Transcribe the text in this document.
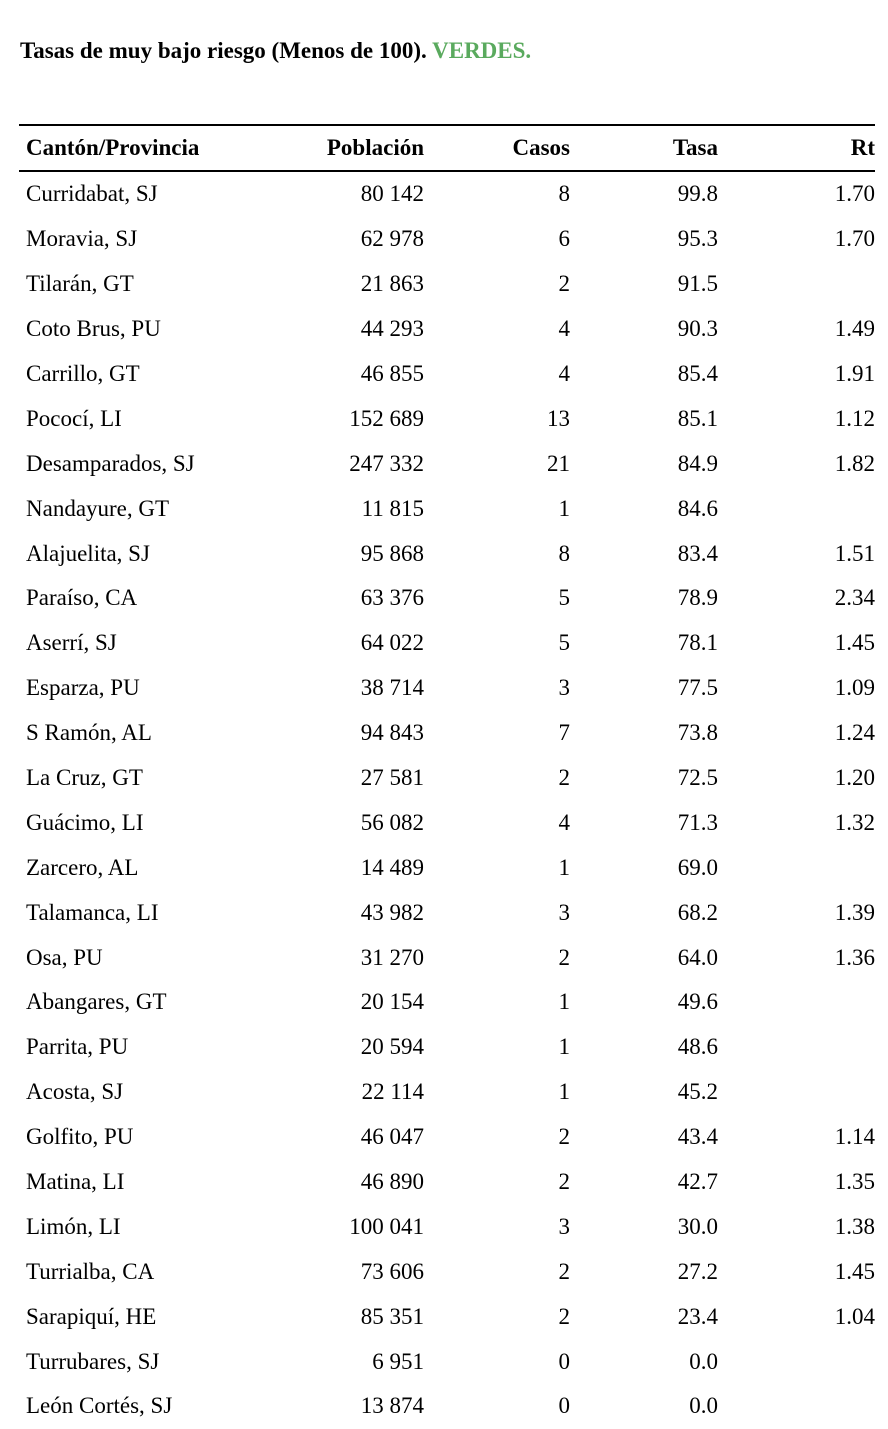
Tasas de muy bajo riesgo (Menos de 100). VERDES.
Cantón/Provincia	Población	Casos	Tasa	Rt
Curridabat, SJ	80 142	8	99.8	1.70
Moravia, SJ	62 978	6	95.3	1.70
Tilarán, GT	21 863	2	91.5	
Coto Brus, PU	44 293	4	90.3	1.49
Carrillo, GT	46 855	4	85.4	1.91
Pococí, LI	152 689	13	85.1	1.12
Desamparados, SJ	247 332	21	84.9	1.82
Nandayure, GT	11 815	1	84.6	
Alajuelita, SJ	95 868	8	83.4	1.51
Paraíso, CA	63 376	5	78.9	2.34
Aserrí, SJ	64 022	5	78.1	1.45
Esparza, PU	38 714	3	77.5	1.09
S Ramón, AL	94 843	7	73.8	1.24
La Cruz, GT	27 581	2	72.5	1.20
Guácimo, LI	56 082	4	71.3	1.32
Zarcero, AL	14 489	1	69.0	
Talamanca, LI	43 982	3	68.2	1.39
Osa, PU	31 270	2	64.0	1.36
Abangares, GT	20 154	1	49.6	
Parrita, PU	20 594	1	48.6	
Acosta, SJ	22 114	1	45.2	
Golfito, PU	46 047	2	43.4	1.14
Matina, LI	46 890	2	42.7	1.35
Limón, LI	100 041	3	30.0	1.38
Turrialba, CA	73 606	2	27.2	1.45
Sarapiquí, HE	85 351	2	23.4	1.04
Turrubares, SJ	6 951	0	0.0	
León Cortés, SJ	13 874	0	0.0	
